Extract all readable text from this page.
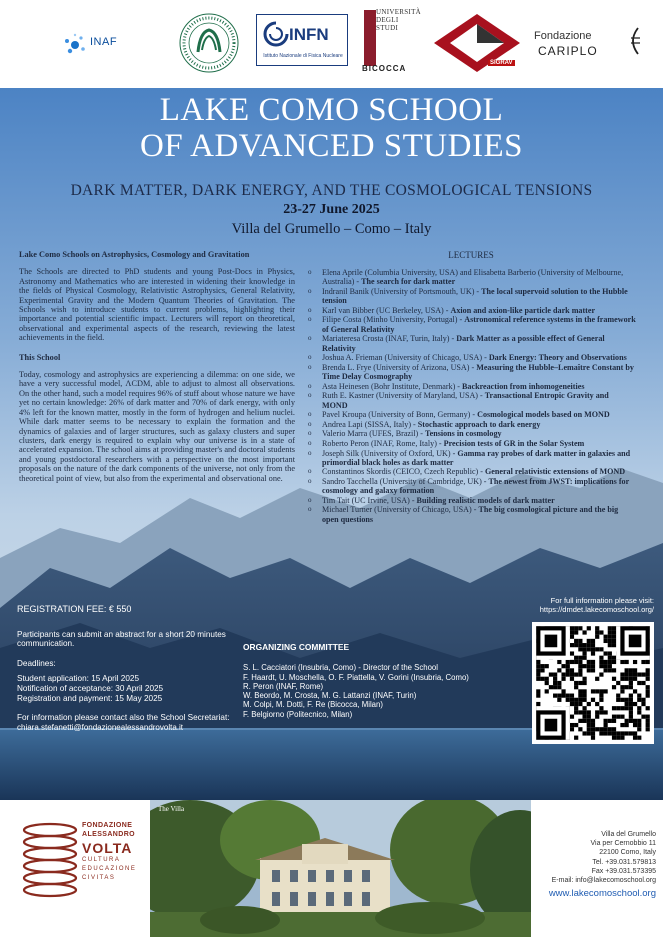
INAF	INFN
Istituto Nazionale di Fisica Nucleare
UNIVERSITÀ DEGLI STUDI
BICOCCA
SIGRAV
Fondazione
CARIPLO
LAKE COMO SCHOOL
OF ADVANCED STUDIES
DARK MATTER, DARK ENERGY, AND THE COSMOLOGICAL TENSIONS
23-27 June 2025
Villa del Grumello – Como – Italy

Lake Como Schools on Astrophysics, Cosmology and Gravitation

The Schools are directed to PhD students and young Post-Docs in Physics, Astronomy and Mathematics who are interested in widening their knowledge in the fields of Physical Cosmology, Relativistic Astrophysics, General Relativity, Experimental Gravity and the Modern Quantum Theories of Gravitation. The Schools wish to introduce students to current problems, highlighting their importance and potential scientific impact. Lecturers will report on theoretical, observational and experimental aspects of the research, reviewing the latest achievements in the field.

This School

Today, cosmology and astrophysics are experiencing a dilemma: on one side, we have a very successful model, ΛCDM, able to adjust to almost all observations. On the other hand, such a model requires 96% of stuff about whose nature we have yet no certain knowledge: 26% of dark matter and 70% of dark energy, with only 4% left for the known matter, mostly in the form of hydrogen and helium nuclei. While dark matter seems to be necessary to explain the formation and the dynamics of galaxies and of larger structures, such as galaxy clusters and super clusters, dark energy is required to explain why our universe is in a state of accelerated expansion. The school aims at providing master's and doctoral students and young postdoctoral researchers with a perspective on the most important proposals on the nature of the dark components of the universe, not only from the theoretical point of view, but also from the experimental and observational one.

LECTURES
o Elena Aprile (Columbia University, USA) and Elisabetta Barberio (University of Melbourne, Australia) - The search for dark matter
o Indranil Banik (University of Portsmouth, UK) - The local supervoid solution to the Hubble tension
o Karl van Bibber (UC Berkeley, USA) - Axion and axion-like particle dark matter
o Filipe Costa (Minho University, Portugal) - Astronomical reference systems in the framework of General Relativity
o Mariateresa Crosta (INAF, Turin, Italy) - Dark Matter as a possible effect of General Relativity
o Joshua A. Frieman (University of Chicago, USA) - Dark Energy: Theory and Observations
o Brenda L. Frye (University of Arizona, USA) - Measuring the Hubble–Lemaître Constant by Time Delay Cosmography
o Asta Heinesen (Bohr Institute, Denmark) - Backreaction from inhomogeneities
o Ruth E. Kastner (University of Maryland, USA) - Transactional Entropic Gravity and MOND
o Pavel Kroupa (University of Bonn, Germany) - Cosmological models based on MOND
o Andrea Lapi (SISSA, Italy) - Stochastic approach to dark energy
o Valerio Marra (UFES, Brazil) - Tensions in cosmology
o Roberto Peron (INAF, Rome, Italy) - Precision tests of GR in the Solar System
o Joseph Silk (University of Oxford, UK) - Gamma ray probes of dark matter in galaxies and primordial black holes as dark matter
o Constantinos Skordis (CEICO, Czech Republic) - General relativistic extensions of MOND
o Sandro Tacchella (University of Cambridge, UK) - The newest from JWST: implications for cosmology and galaxy formation
o Tim Tait (UC Irvine, USA) - Building realistic models of dark matter
o Michael Turner (University of Chicago, USA) - The big cosmological picture and the big open questions

REGISTRATION FEE: € 550

Participants can submit an abstract for a short 20 minutes communication.

Deadlines:

Student application: 15 April 2025
Notification of acceptance: 30 April 2025
Registration and payment: 15 May 2025

For information please contact also the School Secretariat:

chiara.stefanetti@fondazionealessandrovolta.it
ORGANIZING COMMITTEE
S. L. Cacciatori (Insubria, Como) - Director of the School
F. Haardt, U. Moschella, O. F. Piattella, V. Gorini (Insubria, Como)
R. Peron (INAF, Rome)
W. Beordo, M. Crosta, M. G. Lattanzi (INAF, Turin)
M. Colpi, M. Dotti, F. Re (Bicocca, Milan)
F. Belgiorno (Politecnico, Milan)
For full information please visit:
https://dmdet.lakecomoschool.org/
FONDAZIONE
ALESSANDRO
VOLTA
CULTURA EDUCAZIONE CIVITAS
The Villa
Villa del Grumello
Via per Cernobbio 11
22100 Como, Italy
Tel. +39.031.579813
Fax +39.031.573395
E-mail: info@lakecomoschool.org
www.lakecomoschool.org
